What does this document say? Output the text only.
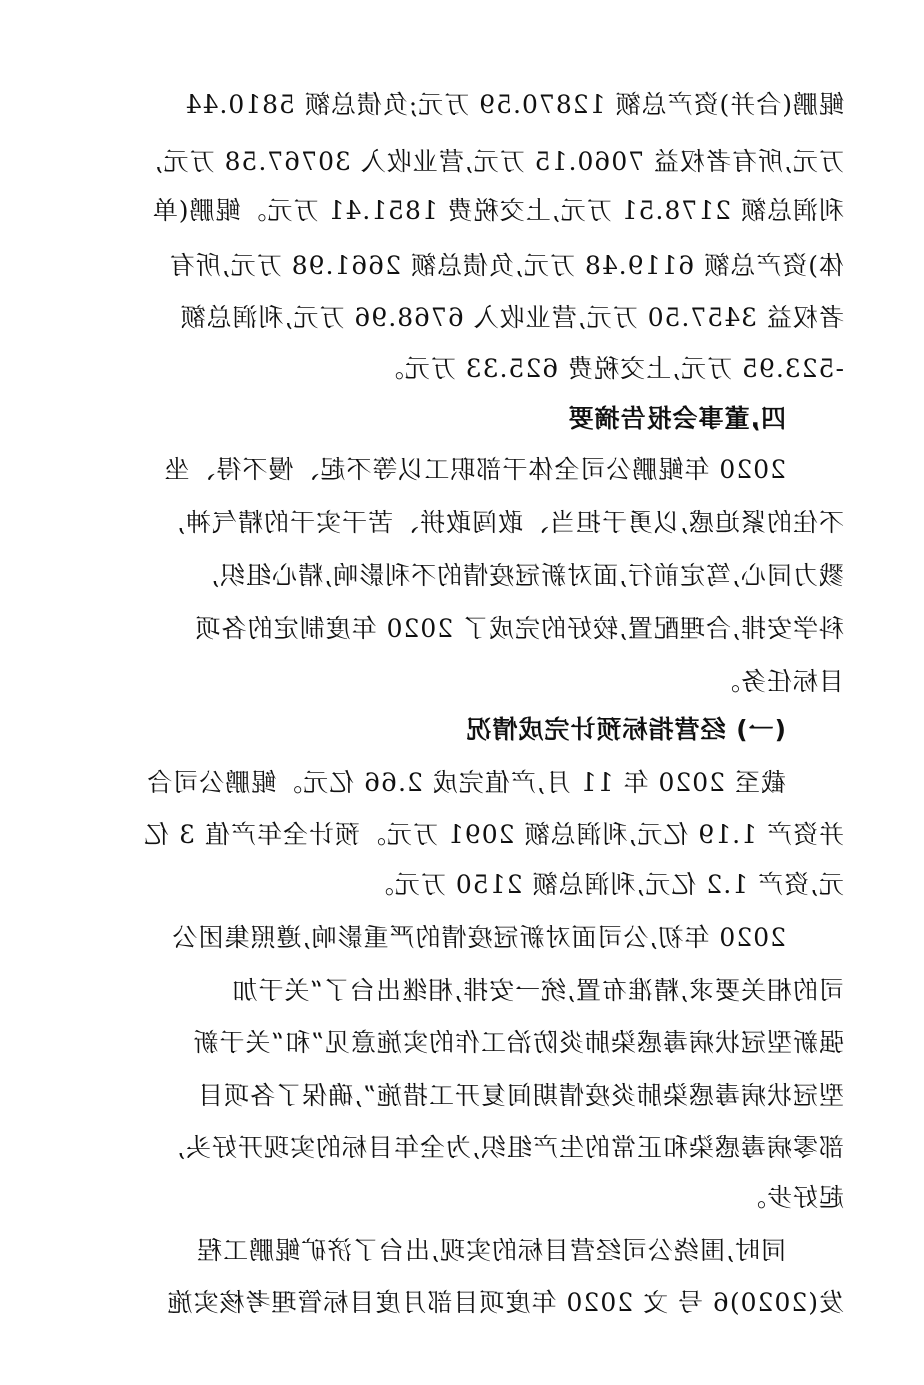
鲲鹏(合并)资产总额 12870.59 万元;负债总额 5810.44
万元,所有者权益 7060.15 万元,营业收入 30767.58 万元,
利润总额 2178.51 万元,上交税费 1851.41 万元。鲲鹏(单
体)资产总额 6119.48 万元,负债总额 2661.98 万元,所有
者权益 3457.50 万元,营业收入 6768.96 万元,利润总额
-523.95 万元,上交税费 625.33 万元。
四,董事会报告摘要
2020 年鲲鹏公司全体干部职工以等不起、慢不得、坐
不住的紧迫感,以勇于担当、敢闯敢拼、苦干实干的精气神,
戮力同心,笃定前行,面对新冠疫情的不利影响,精心组织,
科学安排,合理配置,较好的完成了 2020 年度制定的各项
目标任务。
(一) 经营指标预计完成情况
截至 2020 年 11 月,产值完成 2.66 亿元。鲲鹏公司合
并资产 1.19 亿元,利润总额 2091 万元。预计全年产值 3 亿
元,资产 1.2 亿元,利润总额 2150 万元。
2020 年初,公司面对新冠疫情的严重影响,遵照集团公
司的相关要求,精准布置,统一安排,相继出台了“关于加
强新型冠状病毒感染肺炎防治工作的实施意见”和“关于新
型冠状病毒感染肺炎疫情期间复开工措施”,确保了各项目
部零病毒感染和正常的生产组织,为全年目标的实现开好头,
起好步。
同时,围绕公司经营目标的实现,出台了济矿鲲鹏工程
发(2020)6 号 文 2020 年度项目部月度目标管理考核实施
